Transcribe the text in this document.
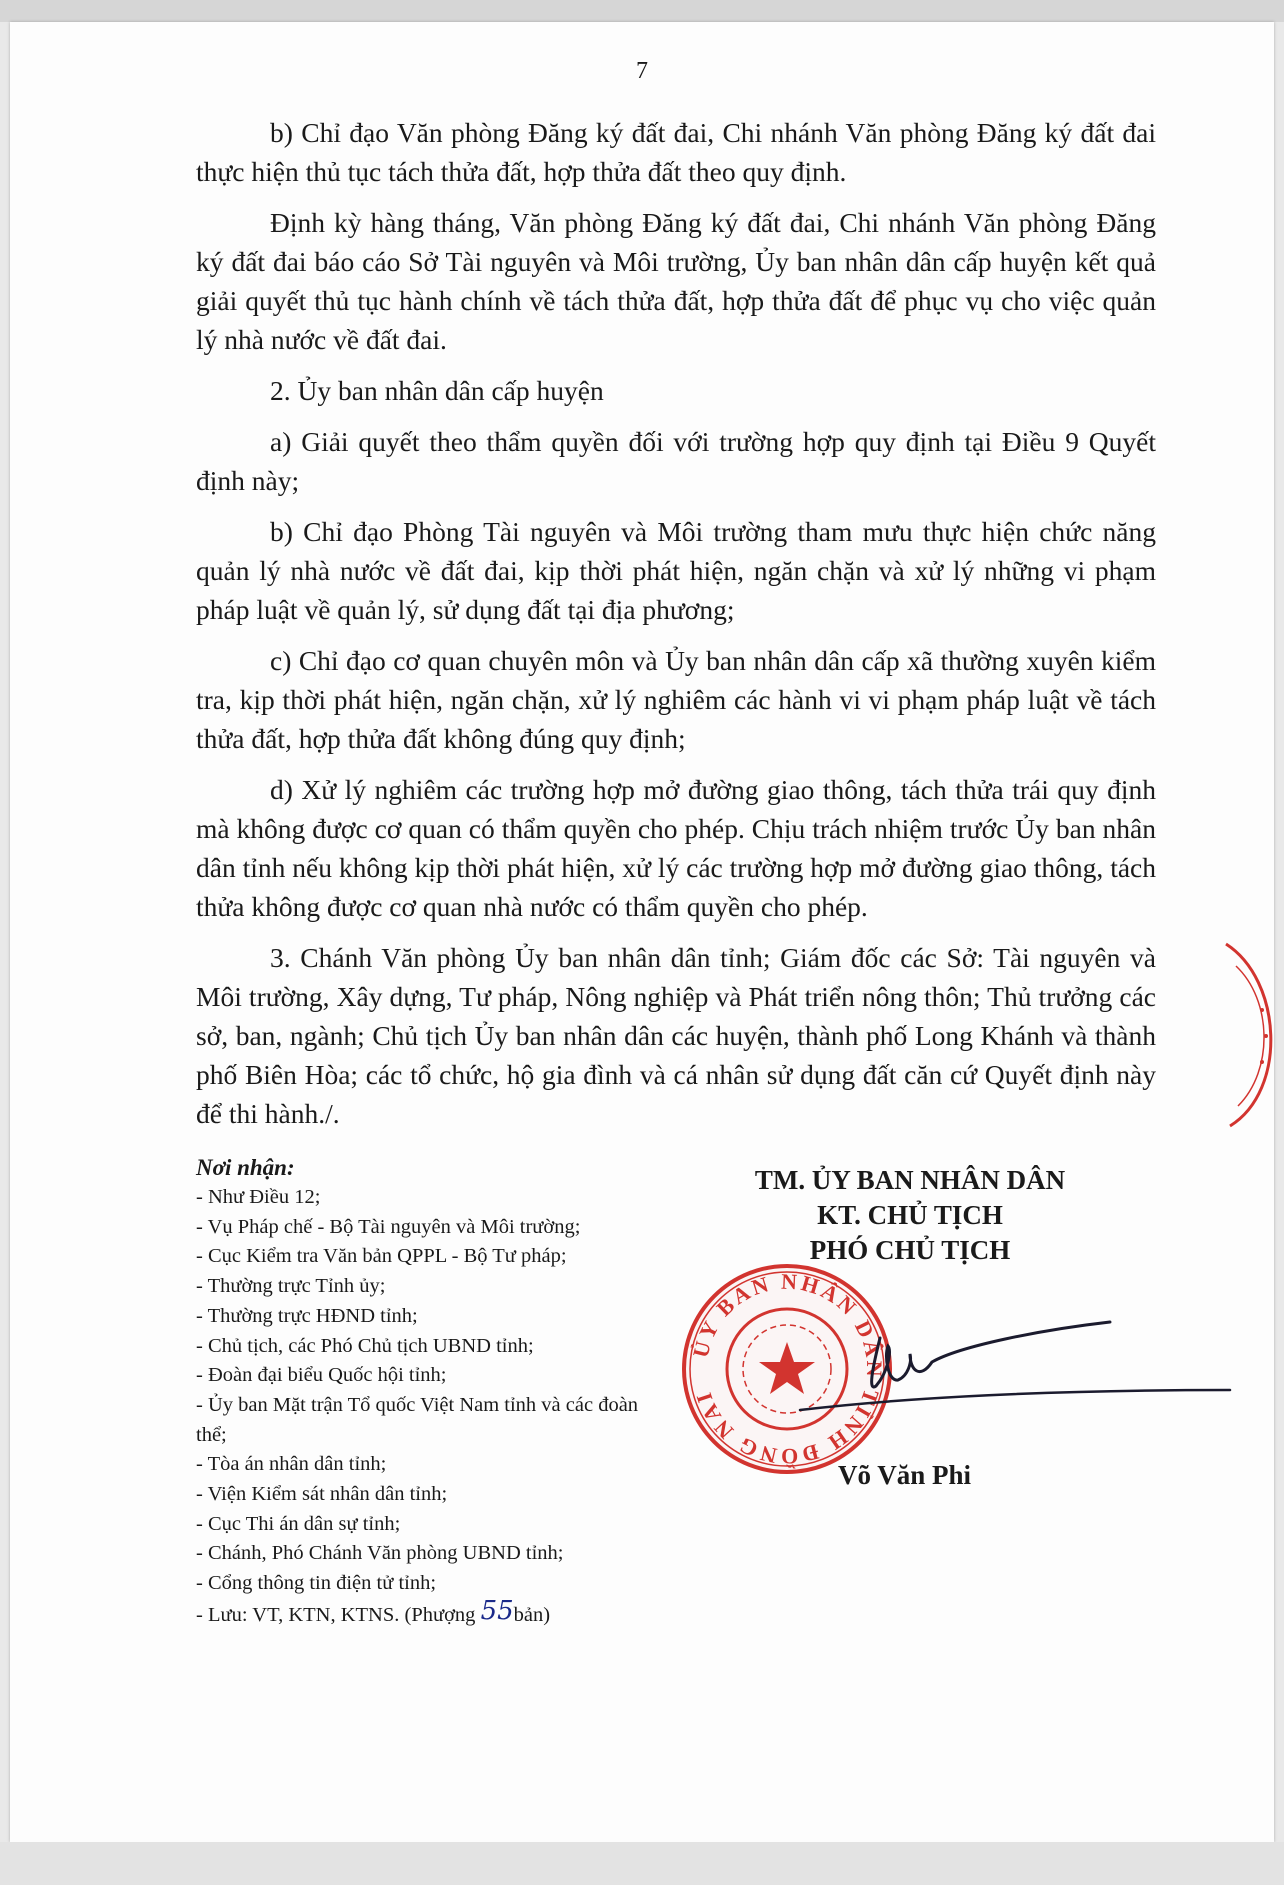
7

b) Chỉ đạo Văn phòng Đăng ký đất đai, Chi nhánh Văn phòng Đăng ký đất đai thực hiện thủ tục tách thửa đất, hợp thửa đất theo quy định.

Định kỳ hàng tháng, Văn phòng Đăng ký đất đai, Chi nhánh Văn phòng Đăng ký đất đai báo cáo Sở Tài nguyên và Môi trường, Ủy ban nhân dân cấp huyện kết quả giải quyết thủ tục hành chính về tách thửa đất, hợp thửa đất để phục vụ cho việc quản lý nhà nước về đất đai.

2. Ủy ban nhân dân cấp huyện

a) Giải quyết theo thẩm quyền đối với trường hợp quy định tại Điều 9 Quyết định này;

b) Chỉ đạo Phòng Tài nguyên và Môi trường tham mưu thực hiện chức năng quản lý nhà nước về đất đai, kịp thời phát hiện, ngăn chặn và xử lý những vi phạm pháp luật về quản lý, sử dụng đất tại địa phương;

c) Chỉ đạo cơ quan chuyên môn và Ủy ban nhân dân cấp xã thường xuyên kiểm tra, kịp thời phát hiện, ngăn chặn, xử lý nghiêm các hành vi vi phạm pháp luật về tách thửa đất, hợp thửa đất không đúng quy định;

d) Xử lý nghiêm các trường hợp mở đường giao thông, tách thửa trái quy định mà không được cơ quan có thẩm quyền cho phép. Chịu trách nhiệm trước Ủy ban nhân dân tỉnh nếu không kịp thời phát hiện, xử lý các trường hợp mở đường giao thông, tách thửa không được cơ quan nhà nước có thẩm quyền cho phép.

3. Chánh Văn phòng Ủy ban nhân dân tỉnh; Giám đốc các Sở: Tài nguyên và Môi trường, Xây dựng, Tư pháp, Nông nghiệp và Phát triển nông thôn; Thủ trưởng các sở, ban, ngành; Chủ tịch Ủy ban nhân dân các huyện, thành phố Long Khánh và thành phố Biên Hòa; các tổ chức, hộ gia đình và cá nhân sử dụng đất căn cứ Quyết định này để thi hành./.

Nơi nhận:

- Như Điều 12;
- Vụ Pháp chế - Bộ Tài nguyên và Môi trường;
- Cục Kiểm tra Văn bản QPPL - Bộ Tư pháp;
- Thường trực Tỉnh ủy;
- Thường trực HĐND tỉnh;
- Chủ tịch, các Phó Chủ tịch UBND tỉnh;
- Đoàn đại biểu Quốc hội tỉnh;
- Ủy ban Mặt trận Tổ quốc Việt Nam tỉnh và các đoàn thể;
- Tòa án nhân dân tỉnh;
- Viện Kiểm sát nhân dân tỉnh;
- Cục Thi án dân sự tỉnh;
- Chánh, Phó Chánh Văn phòng UBND tỉnh;
- Cổng thông tin điện tử tỉnh;
- Lưu: VT, KTN, KTNS. (Phượng 55bản)
TM. ỦY BAN NHÂN DÂN
KT. CHỦ TỊCH
PHÓ CHỦ TỊCH
ỦY BAN NHÂN DÂN TỈNH ĐỒNG NAI
Võ Văn Phi
